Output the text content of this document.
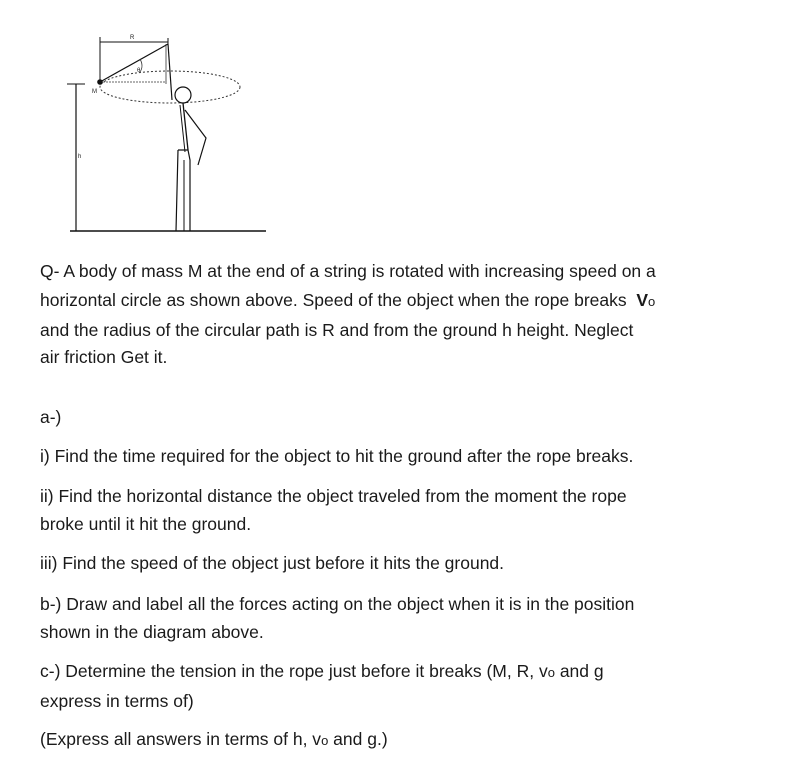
h
R
θ
M
Q- A body of mass M at the end of a string is rotated with increasing speed on a
horizontal circle as shown above. Speed of the object when the rope breaks Vo
and the radius of the circular path is R and from the ground h height. Neglect
air friction Get it.
a-)
i) Find the time required for the object to hit the ground after the rope breaks.
ii) Find the horizontal distance the object traveled from the moment the rope
broke until it hit the ground.
iii) Find the speed of the object just before it hits the ground.
b-) Draw and label all the forces acting on the object when it is in the position
shown in the diagram above.
c-) Determine the tension in the rope just before it breaks (M, R, vo and g
express in terms of)
(Express all answers in terms of h, vo and g.)
